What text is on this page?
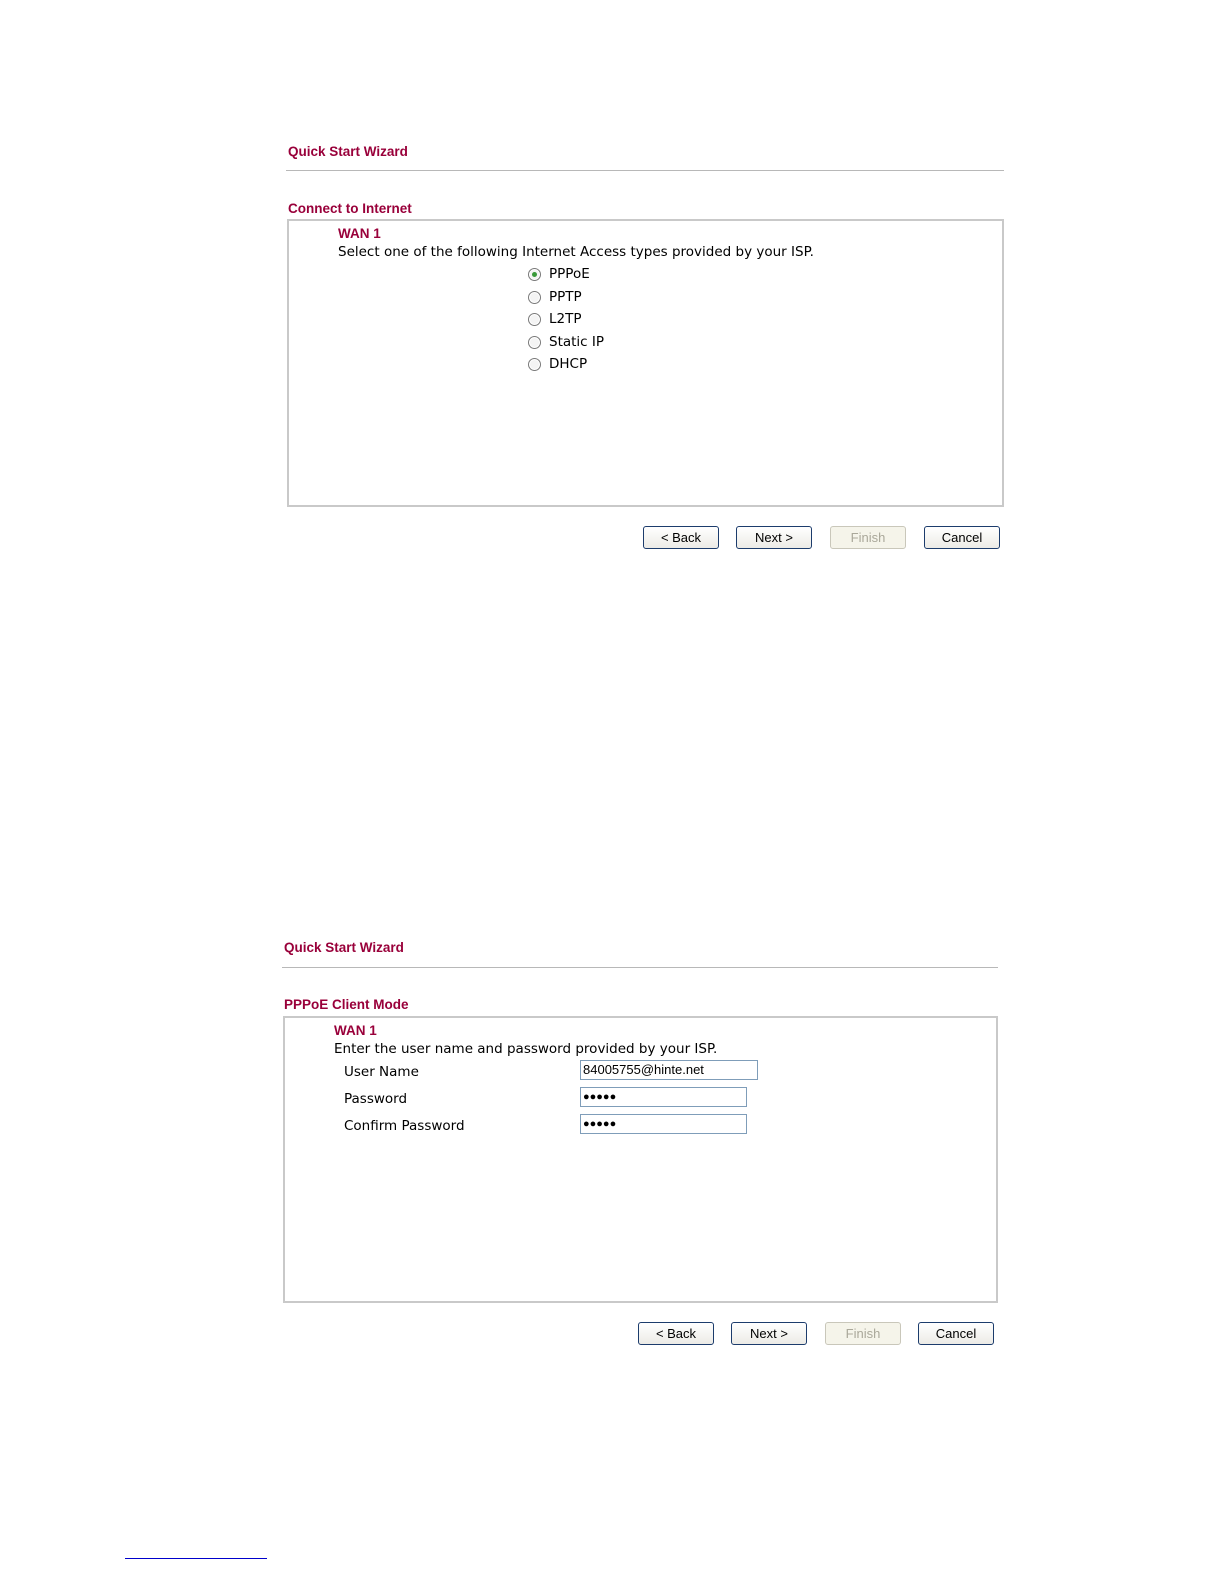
Quick Start Wizard
Connect to Internet
WAN 1
Select one of the following Internet Access types provided by your ISP.
PPPoE
PPTP
L2TP
Static IP
DHCP
< Back	Next >	Finish	Cancel
Quick Start Wizard
PPPoE Client Mode
WAN 1
Enter the user name and password provided by your ISP.
User Name	84005755@hinte.net
Password	●●●●●
Confirm Password	●●●●●
< Back	Next >	Finish	Cancel
